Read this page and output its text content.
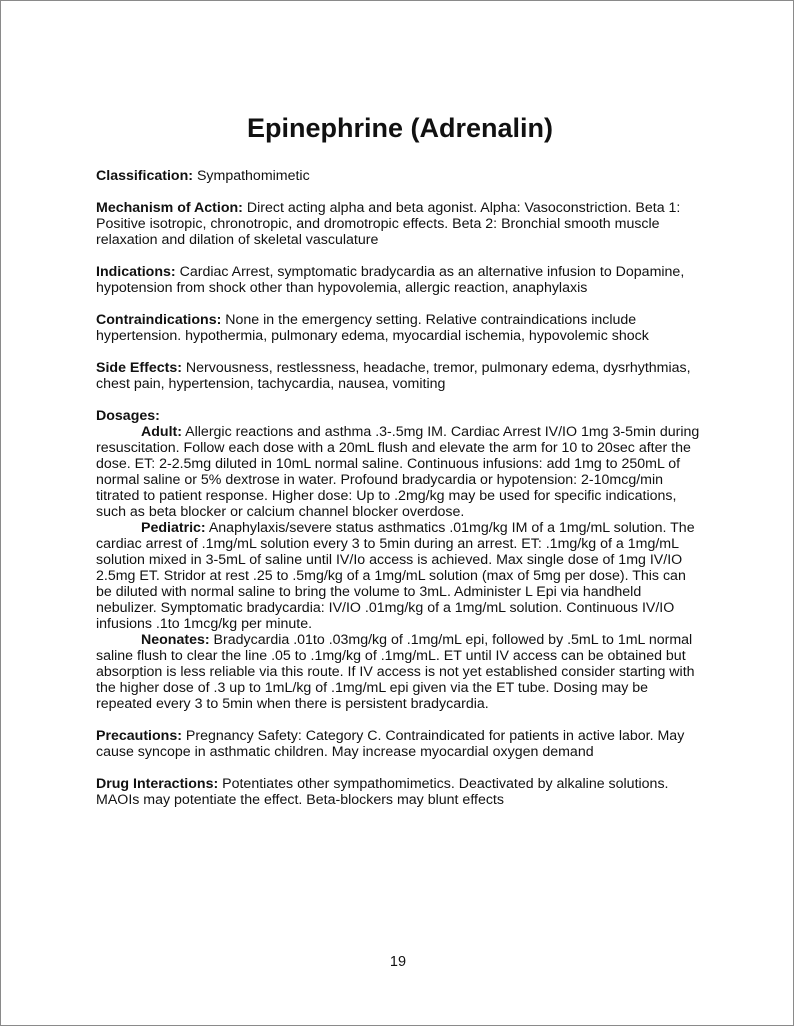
Epinephrine (Adrenalin)

Classification: Sympathomimetic

Mechanism of Action: Direct acting alpha and beta agonist. Alpha: Vasoconstriction. Beta 1: Positive isotropic, chronotropic, and dromotropic effects. Beta 2: Bronchial smooth muscle relaxation and dilation of skeletal vasculature

Indications: Cardiac Arrest, symptomatic bradycardia as an alternative infusion to Dopamine, hypotension from shock other than hypovolemia, allergic reaction, anaphylaxis

Contraindications: None in the emergency setting. Relative contraindications include hypertension. hypothermia, pulmonary edema, myocardial ischemia, hypovolemic shock

Side Effects: Nervousness, restlessness, headache, tremor, pulmonary edema, dysrhythmias, chest pain, hypertension, tachycardia, nausea, vomiting

Dosages:

Adult: Allergic reactions and asthma .3-.5mg IM. Cardiac Arrest IV/IO 1mg 3-5min during resuscitation. Follow each dose with a 20mL flush and elevate the arm for 10 to 20sec after the dose. ET: 2-2.5mg diluted in 10mL normal saline. Continuous infusions: add 1mg to 250mL of normal saline or 5% dextrose in water. Profound bradycardia or hypotension: 2-10mcg/min titrated to patient response. Higher dose: Up to .2mg/kg may be used for specific indications, such as beta blocker or calcium channel blocker overdose.

Pediatric: Anaphylaxis/severe status asthmatics .01mg/kg IM of a 1mg/mL solution. The cardiac arrest of .1mg/mL solution every 3 to 5min during an arrest. ET: .1mg/kg of a 1mg/mL solution mixed in 3-5mL of saline until IV/Io access is achieved. Max single dose of 1mg IV/IO 2.5mg ET. Stridor at rest .25 to .5mg/kg of a 1mg/mL solution (max of 5mg per dose). This can be diluted with normal saline to bring the volume to 3mL. Administer L Epi via handheld nebulizer. Symptomatic bradycardia: IV/IO .01mg/kg of a 1mg/mL solution. Continuous IV/IO infusions .1to 1mcg/kg per minute.

Neonates: Bradycardia .01to .03mg/kg of .1mg/mL epi, followed by .5mL to 1mL normal saline flush to clear the line .05 to .1mg/kg of .1mg/mL. ET until IV access can be obtained but absorption is less reliable via this route. If IV access is not yet established consider starting with the higher dose of .3 up to 1mL/kg of .1mg/mL epi given via the ET tube. Dosing may be repeated every 3 to 5min when there is persistent bradycardia.

Precautions: Pregnancy Safety: Category C. Contraindicated for patients in active labor. May cause syncope in asthmatic children. May increase myocardial oxygen demand

Drug Interactions: Potentiates other sympathomimetics. Deactivated by alkaline solutions. MAOIs may potentiate the effect. Beta-blockers may blunt effects

19
